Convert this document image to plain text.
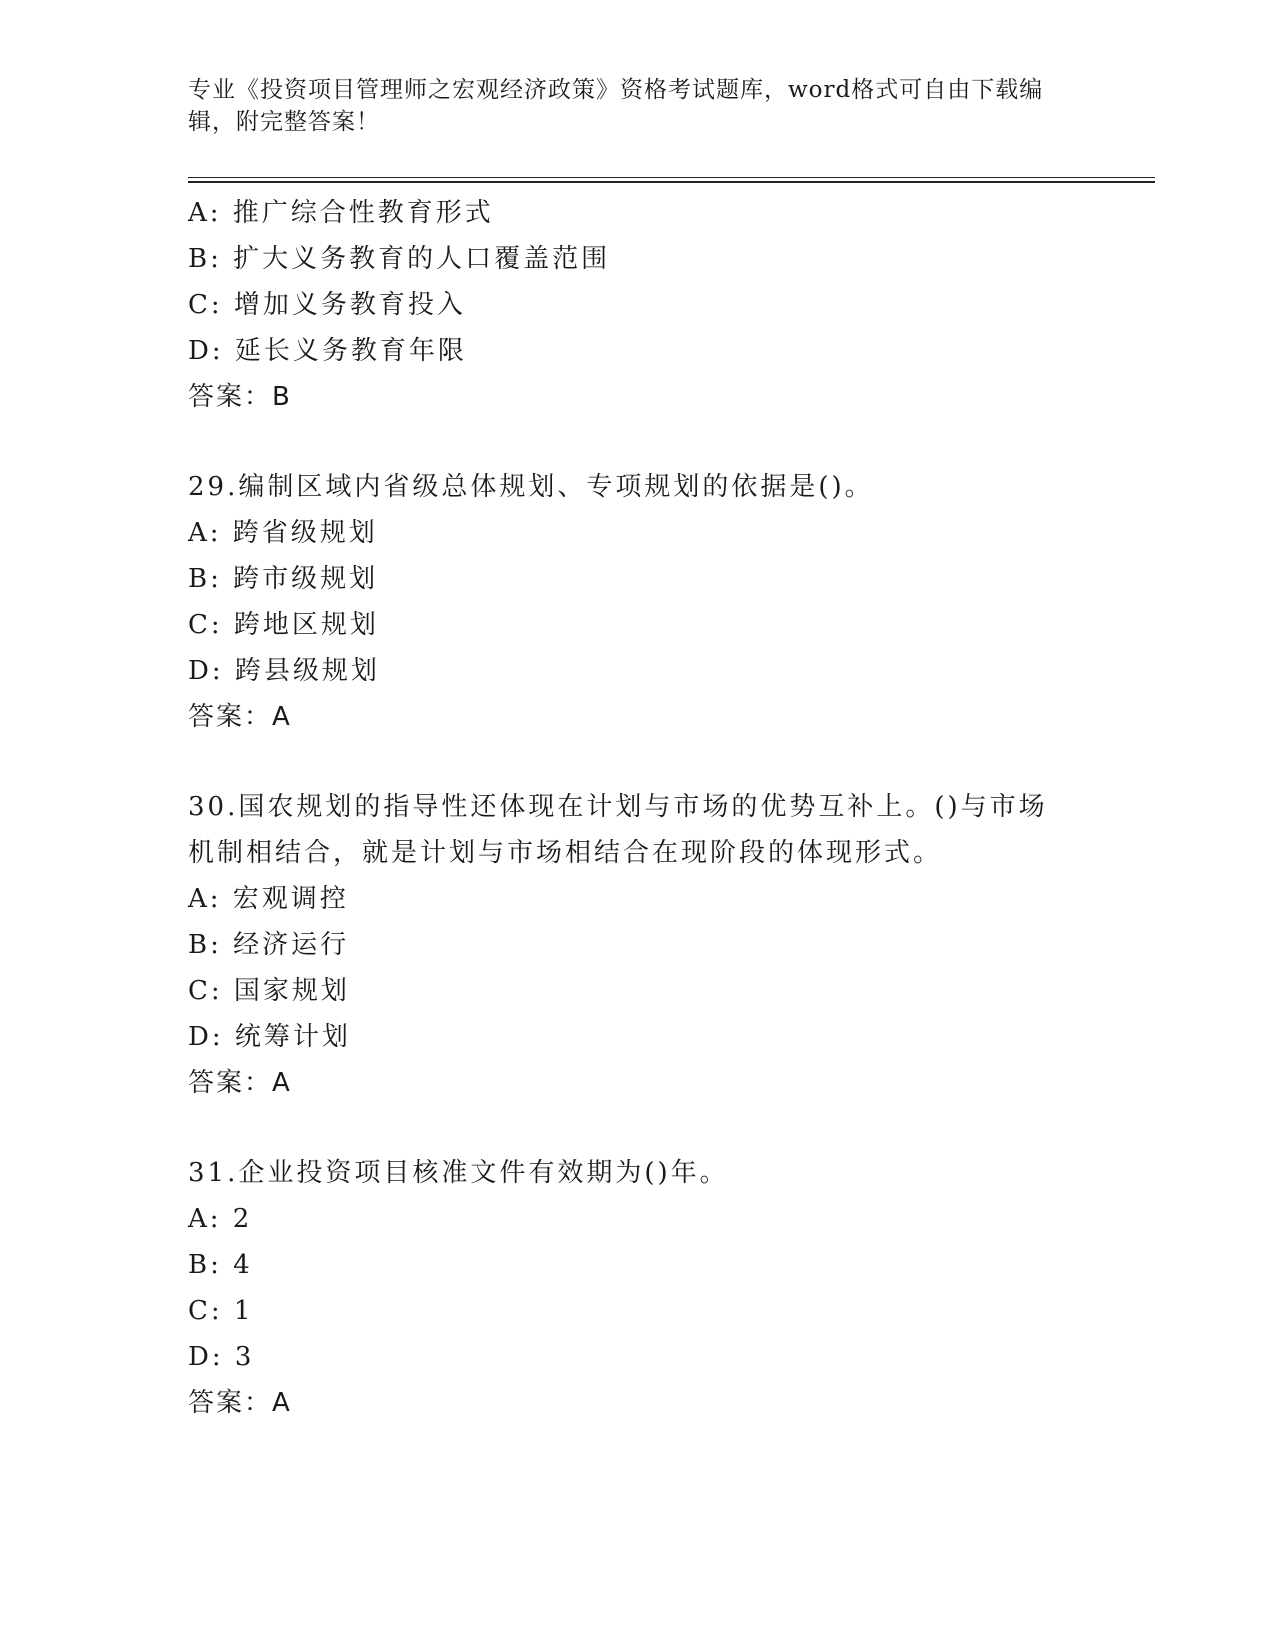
专业《投资项目管理师之宏观经济政策》资格考试题库，word格式可自由下载编辑，附完整答案！
A: 推广综合性教育形式
B: 扩大义务教育的人口覆盖范围
C: 增加义务教育投入
D: 延长义务教育年限
答案：B
29.编制区域内省级总体规划、专项规划的依据是()。
A: 跨省级规划
B: 跨市级规划
C: 跨地区规划
D: 跨县级规划
答案：A
30.国农规划的指导性还体现在计划与市场的优势互补上。()与市场机制相结合，就是计划与市场相结合在现阶段的体现形式。
A: 宏观调控
B: 经济运行
C: 国家规划
D: 统筹计划
答案：A
31.企业投资项目核准文件有效期为()年。
A: 2
B: 4
C: 1
D: 3
答案：A
